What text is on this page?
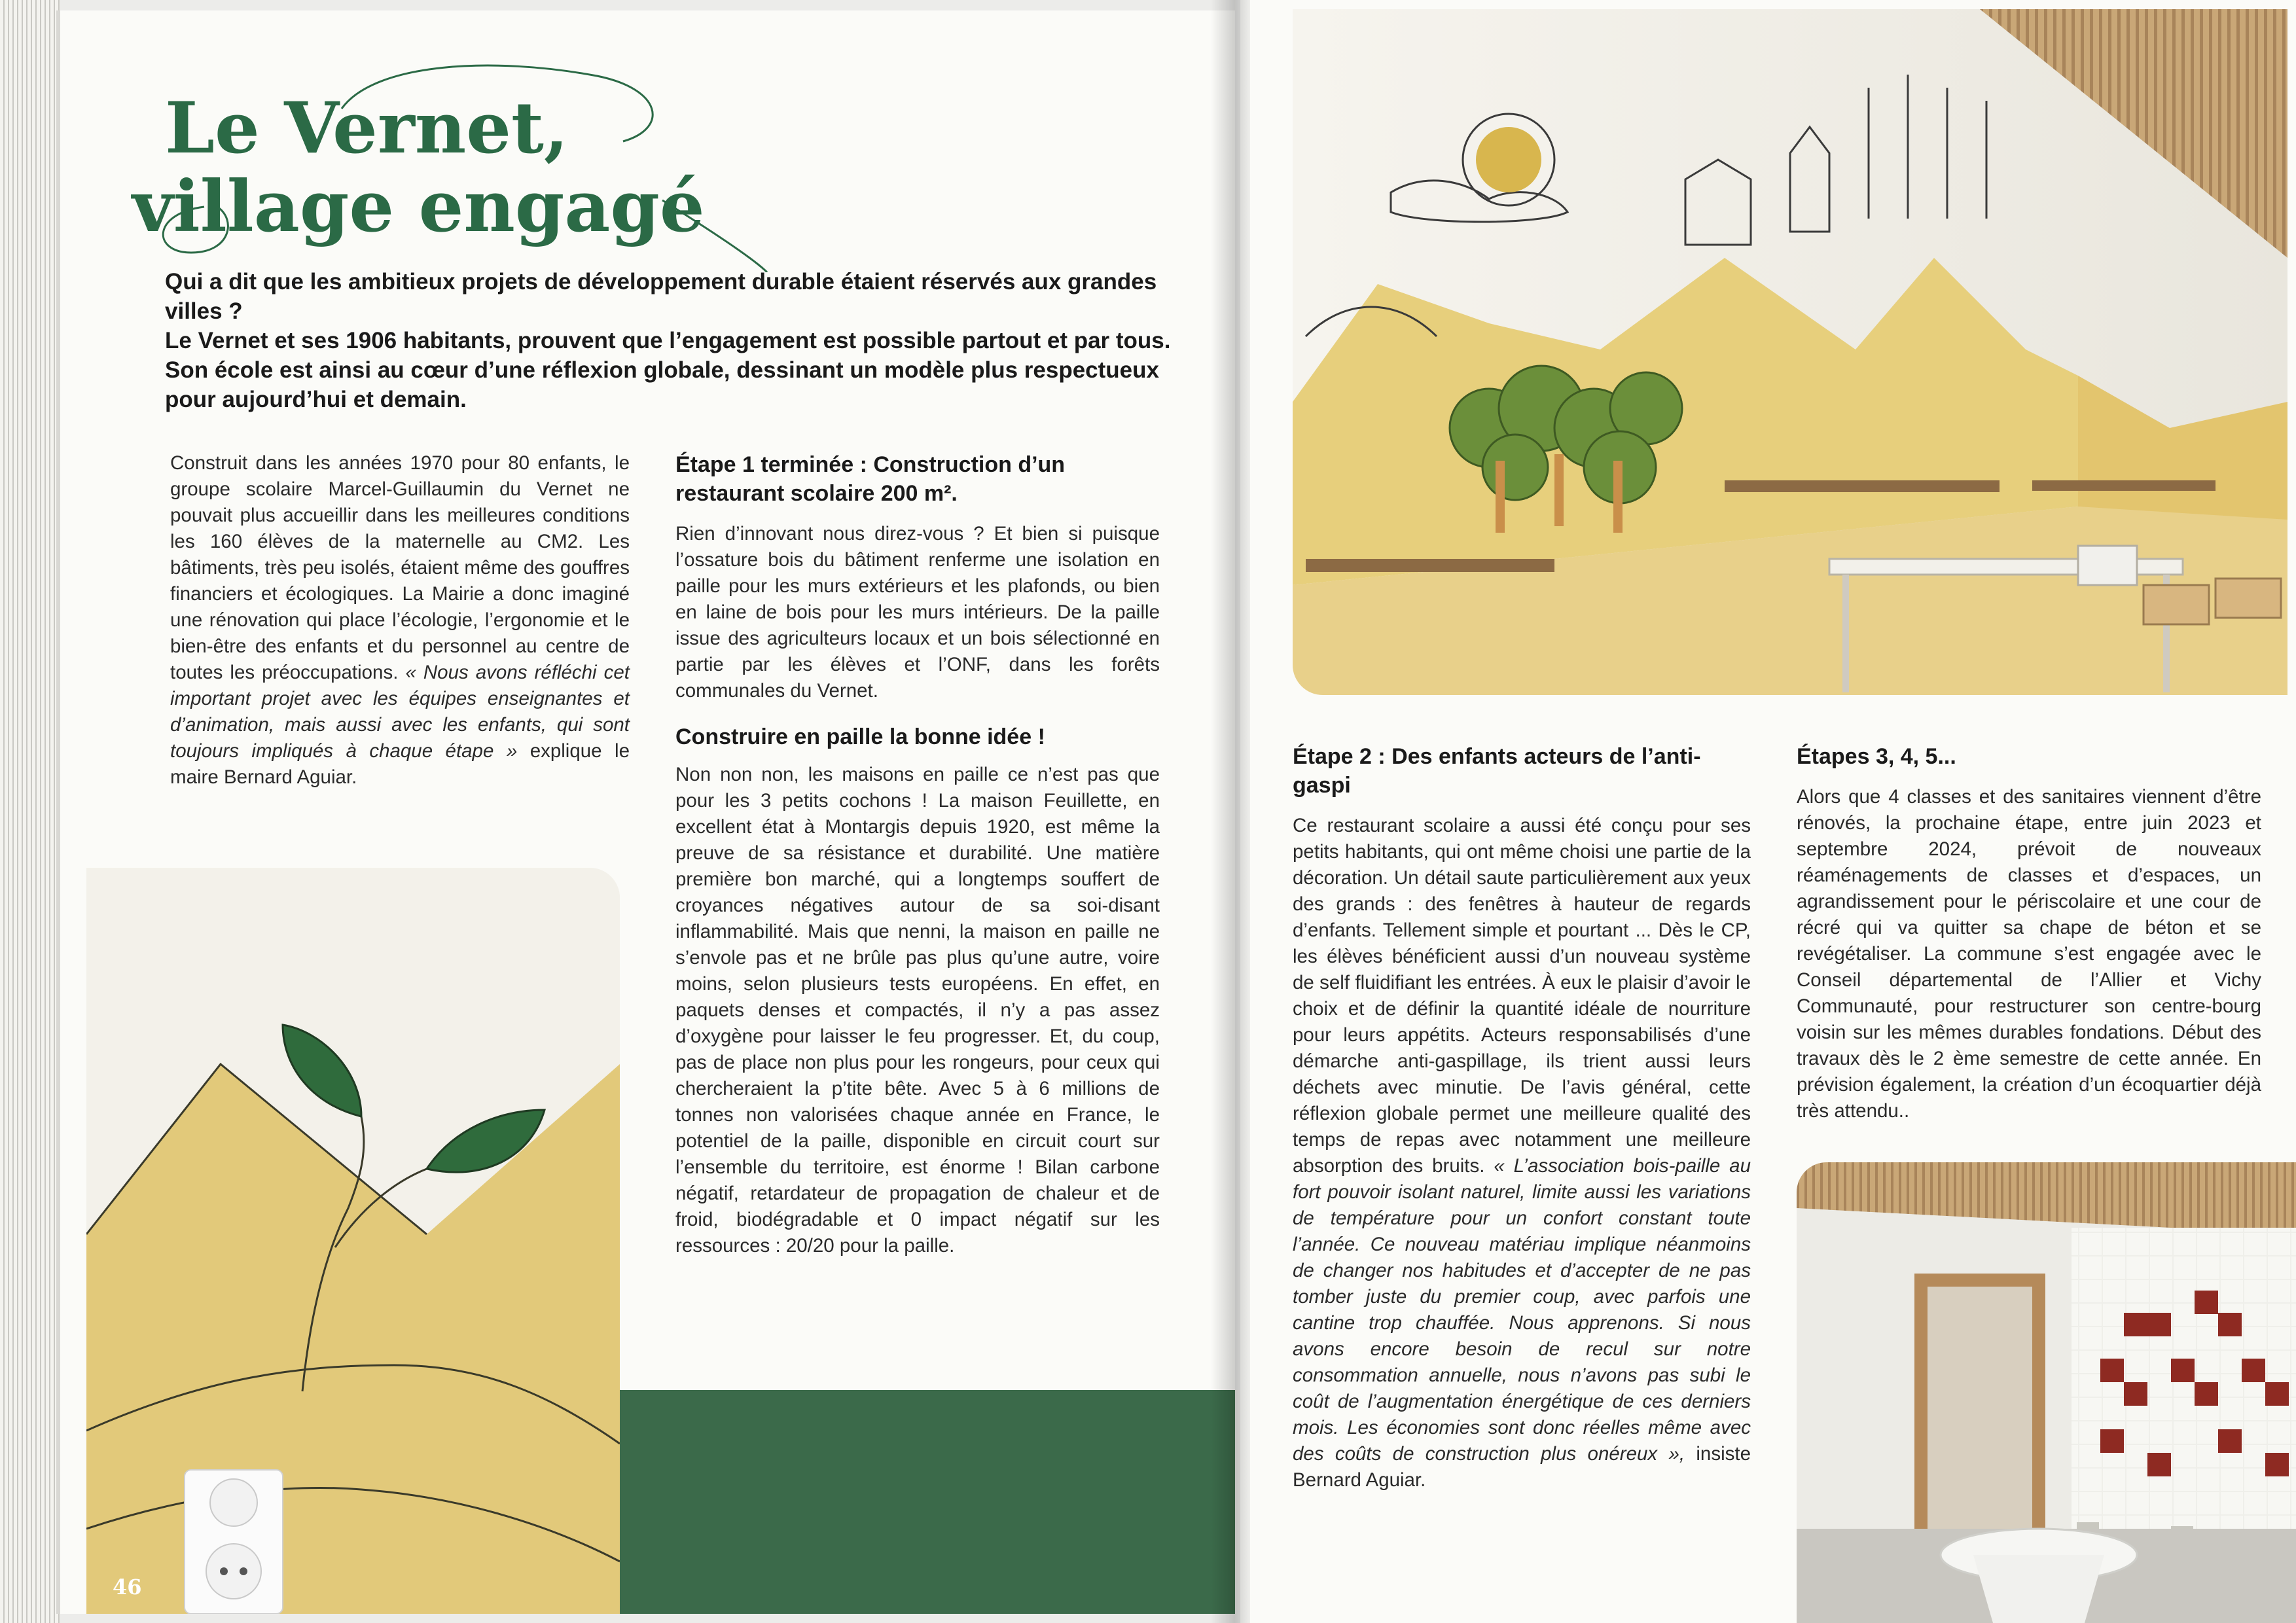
Le Vernet,
village engagé
Qui a dit que les ambitieux projets de développement durable étaient réservés aux grandes villes ?
Le Vernet et ses 1906 habitants, prouvent que l’engagement est possible partout et par tous. Son école est ainsi au cœur d’une réflexion globale, dessinant un modèle plus respectueux pour aujourd’hui et demain.

Construit dans les années 1970 pour 80 enfants, le groupe scolaire Marcel-Guillaumin du Vernet ne pouvait plus accueillir dans les meilleures conditions les 160 élèves de la maternelle au CM2. Les bâtiments, très peu isolés, étaient même des gouffres financiers et écologiques. La Mairie a donc imaginé une rénovation qui place l’écologie, l’ergonomie et le bien-être des enfants et du personnel au centre de toutes les préoccupations. « Nous avons réfléchi cet important projet avec les équipes enseignantes et d’animation, mais aussi avec les enfants, qui sont toujours impliqués à chaque étape » explique le maire Bernard Aguiar.

Étape 1 terminée : Construction d’un restaurant scolaire 200 m².
Rien d’innovant nous direz-vous ? Et bien si puisque l’ossature bois du bâtiment renferme une isolation en paille pour les murs extérieurs et les plafonds, ou bien en laine de bois pour les murs intérieurs. De la paille issue des agriculteurs locaux et un bois sélectionné en partie par les élèves et l’ONF, dans les forêts communales du Vernet.
Construire en paille la bonne idée !
Non non non, les maisons en paille ce n’est pas que pour les 3 petits cochons ! La maison Feuillette, en excellent état à Montargis depuis 1920, est même la preuve de sa résistance et durabilité. Une matière première bon marché, qui a longtemps souffert de croyances négatives autour de sa soi-disant inflammabilité. Mais que nenni, la maison en paille ne s’envole pas et ne brûle pas plus qu’une autre, voire moins, selon plusieurs tests européens. En effet, en paquets denses et compactés, il n’y a pas assez d’oxygène pour laisser le feu progresser. Et, du coup, pas de place non plus pour les rongeurs, pour ceux qui chercheraient la p’tite bête. Avec 5 à 6 millions de tonnes non valorisées chaque année en France, le potentiel de la paille, disponible en circuit court sur l’ensemble du territoire, est énorme ! Bilan carbone négatif, retardateur de propagation de chaleur et de froid, biodégradable et 0 impact négatif sur les ressources : 20/20 pour la paille.
46
Étape 2 : Des enfants acteurs de l’anti-gaspi

Ce restaurant scolaire a aussi été conçu pour ses petits habitants, qui ont même choisi une partie de la décoration. Un détail saute particulièrement aux yeux des grands : des fenêtres à hauteur de regards d’enfants. Tellement simple et pourtant ... Dès le CP, les élèves bénéficient aussi d’un nouveau système de self fluidifiant les entrées. À eux le plaisir d’avoir le choix et de définir la quantité idéale de nourriture pour leurs appétits. Acteurs responsabilisés d’une démarche anti-gaspillage, ils trient aussi leurs déchets avec minutie. De l’avis général, cette réflexion globale permet une meilleure qualité des temps de repas avec notamment une meilleure absorption des bruits. « L’association bois-paille au fort pouvoir isolant naturel, limite aussi les variations de température pour un confort constant toute l’année. Ce nouveau matériau implique néanmoins de changer nos habitudes et d’accepter de ne pas tomber juste du premier coup, avec parfois une cantine trop chauffée. Nous apprenons. Si nous avons encore besoin de recul sur notre consommation annuelle, nous n’avons pas subi le coût de l’augmentation énergétique de ces derniers mois. Les économies sont donc réelles même avec des coûts de construction plus onéreux », insiste Bernard Aguiar.

Étapes 3, 4, 5...
Alors que 4 classes et des sanitaires viennent d’être rénovés, la prochaine étape, entre juin 2023 et septembre 2024, prévoit de nouveaux réaménagements de classes et d’espaces, un agrandissement pour le périscolaire et une cour de récré qui va quitter sa chape de béton et se revégétaliser. La commune s’est engagée avec le Conseil départemental de l’Allier et Vichy Communauté, pour restructurer son centre-bourg voisin sur les mêmes durables fondations. Début des travaux dès le 2 ème semestre de cette année. En prévision également, la création d’un écoquartier déjà très attendu..
